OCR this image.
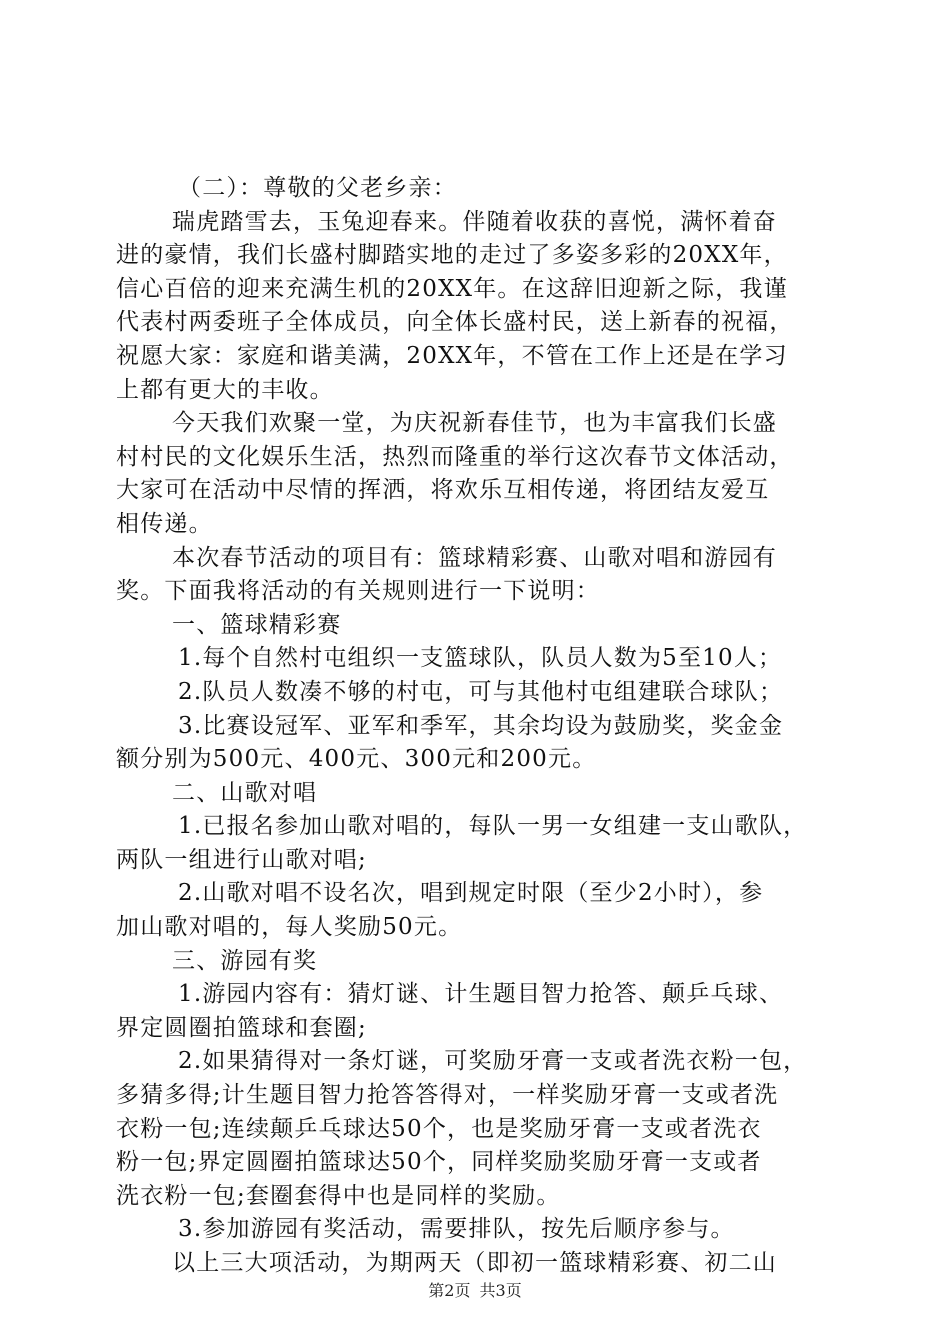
（二）：尊敬的父老乡亲：
瑞虎踏雪去，玉兔迎春来。伴随着收获的喜悦，满怀着奋
进的豪情，我们长盛村脚踏实地的走过了多姿多彩的20XX年，
信心百倍的迎来充满生机的20XX年。在这辞旧迎新之际，我谨
代表村两委班子全体成员，向全体长盛村民，送上新春的祝福，
祝愿大家：家庭和谐美满，20XX年，不管在工作上还是在学习
上都有更大的丰收。
今天我们欢聚一堂，为庆祝新春佳节，也为丰富我们长盛
村村民的文化娱乐生活，热烈而隆重的举行这次春节文体活动，
大家可在活动中尽情的挥洒，将欢乐互相传递，将团结友爱互
相传递。
本次春节活动的项目有：篮球精彩赛、山歌对唱和游园有
奖。下面我将活动的有关规则进行一下说明：
一、篮球精彩赛
1.每个自然村屯组织一支篮球队，队员人数为5至10人；
2.队员人数凑不够的村屯，可与其他村屯组建联合球队；
3.比赛设冠军、亚军和季军，其余均设为鼓励奖，奖金金
额分别为500元、400元、300元和200元。
二、山歌对唱
1.已报名参加山歌对唱的，每队一男一女组建一支山歌队，
两队一组进行山歌对唱;
2.山歌对唱不设名次，唱到规定时限（至少2小时），参
加山歌对唱的，每人奖励50元。
三、游园有奖
1.游园内容有：猜灯谜、计生题目智力抢答、颠乒乓球、
界定圆圈拍篮球和套圈;
2.如果猜得对一条灯谜，可奖励牙膏一支或者洗衣粉一包，
多猜多得;计生题目智力抢答答得对，一样奖励牙膏一支或者洗
衣粉一包;连续颠乒乓球达50个，也是奖励牙膏一支或者洗衣
粉一包;界定圆圈拍篮球达50个，同样奖励奖励牙膏一支或者
洗衣粉一包;套圈套得中也是同样的奖励。
3.参加游园有奖活动，需要排队，按先后顺序参与。
以上三大项活动，为期两天（即初一篮球精彩赛、初二山
第2页 共3页
